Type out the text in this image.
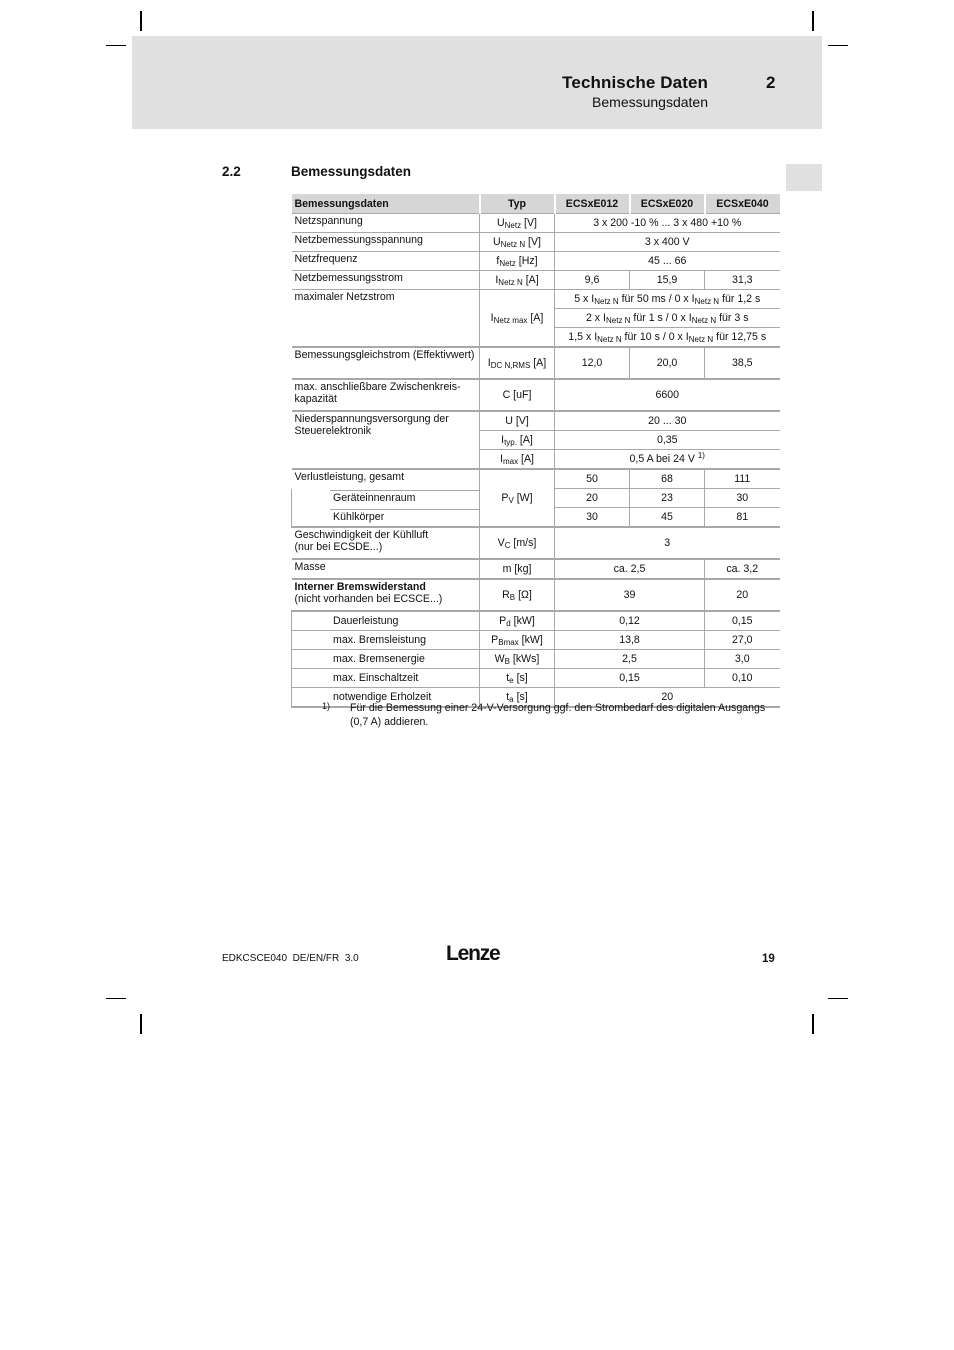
Technische Daten	2
Bemessungsdaten
2.2	Bemessungsdaten
Bemessungsdaten	Typ	ECSxE012	ECSxE020	ECSxE040
Netzspannung	$U_{Netz}$ [V]	3 x 200 -10 % ... 3 x 480 +10 %		
Netzbemessungsspannung	$U_{Netz N}$ [V]	3 x 400 V		
Netzfrequenz	$f_{Netz}$ [Hz]	45 ... 66		
Netzbemessungsstrom	$I_{Netz N}$ [A]	9,6	15,9	31,3
maximaler Netzstrom	$I_{Netz max}$ [A]	5 x $I_{Netz N}$ für 50 ms / 0 x $I_{Netz N}$ für 1,2 s		
		2 x $I_{Netz N}$ für 1 s / 0 x $I_{Netz N}$ für 3 s		
		1,5 x $I_{Netz N}$ für 10 s / 0 x $I_{Netz N}$ für 12,75 s		
Bemessungsgleichstrom (Effektivwert)	$I_{DC N,RMS}$ [A]	12,0	20,0	38,5
max. anschließbare Zwischenkreiskapazität	C [uF]	6600		
Niederspannungsversorgung der Steuerelektronik	U [V]	20 ... 30		
	$I_{typ.}$ [A]	0,35		
	$I_{max}$ [A]	0,5 A bei 24 V $^{1)}$
Verlustleistung, gesamt	$P_V$ [W]	50	68	111

Geräteinnenraum		20	23	30

Kühlkörper		30	45	81
Geschwindigkeit der Kühlluft
(nur bei ECSDE...)	$V_C$ [m/s]	3		
Masse	m [kg]	ca. 2,5		ca. 3,2
Interner Bremswiderstand
(nicht vorhanden bei ECSCE...)	$R_B$ [Ω]	39		20
Dauerleistung	$P_d$ [kW]	0,12		0,15
max. Bremsleistung	$P_{Bmax}$ [kW]	13,8		27,0
max. Bremsenergie	$W_B$ [kWs]	2,5		3,0
max. Einschaltzeit	$t_e$ [s]	0,15		0,10
notwendige Erholzeit	$t_a$ [s]	20		
1) Für die Bemessung einer 24-V-Versorgung ggf. den Strombedarf des digitalen Ausgangs (0,7 A) addieren.
EDKCSCE040  DE/EN/FR  3.0	Lenze	19
